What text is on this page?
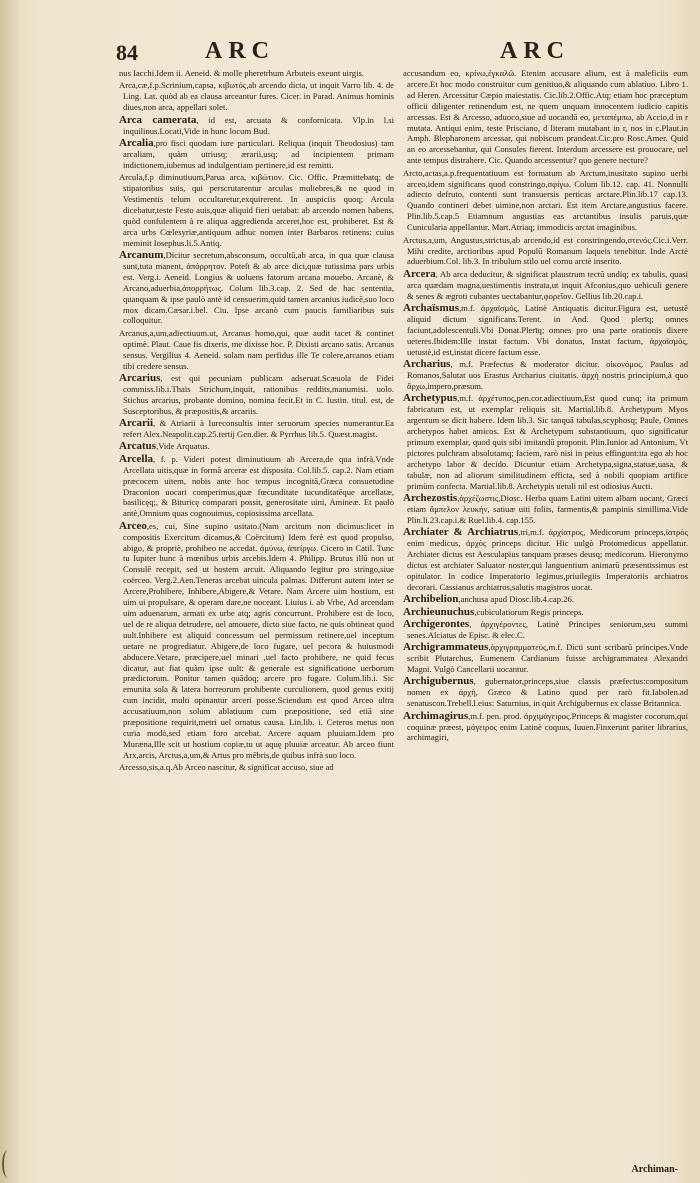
84	ARC	ARC
nus Iacchi.Idem ii. Aeneid. & molle pheretrhum Arbuteis exeunt uirgis.
Arca,cæ,f.p.Scrinium,capsa, κιβωτός,ab arcendo dicta, ut inquit Varro lib. 4. de Ling. Lat. quòd ab ea clausa arceantur fures. Cicer. in Parad. Animus hominis diues,non arca, appellari solet.
Arca camerata, id est, arcuata & confornicata. Vlp.in l.si inquilinus.Locati,Vide in hunc locum Bud.
Arcalia,pro fisci quodam iure particulari. Reliqua (inquit Theodosius) tam arcaliam, quàm utriusq; ærarii,usq; ad incipientem primam indictionem,iubemus ad indulgentiam pertinere,id est remitti.
Arcula,f.p diminutiuum,Parua arca, κιβώτιον. Cic. Offic. Præmittebatq; de stipatoribus suis, qui perscrutarentur arculas muliebres,& ne quod in Vestimentis telum occultaretur,exquirerent. In auspiciis quoq; Arcula dicebatur,teste Festo auis,quæ aliquid fieri uetabat: ab arcendo nomen habens, quòd confulentem à re aliqua aggredienda arceret,hoc est, prohiberet. Est & arca urbs Cœlesyriæ,antiquum adhuc nomen inter Barbaros retinens: cuius meminit Iosephus.li.5.Antiq.
Arcanum,Dicitur secretum,absconsum, occultū,ab arca, in qua quæ clausa sunt,tuta manent, ἀπόρρητον. Poteſt & ab arce dici,quæ tutissima pars urbis est. Verg.i. Aeneid. Longius & uoluens fatorum arcana mouebo. Arcanè, & Arcano,aduerbia,ἀπορρήτως. Colum lib.3.cap. 2. Sed de hac sententia, quanquam & ipse paulò antè id censuerim,quid tamen arcanius iudicē,suo loco mox dicam.Cæsar.i.bel. Ciu. Ipse arcanò cum paucis familiaribus suis colloquitur.
Arcanus,a,um,adiectiuum.ut, Arcanus homo,qui, quæ audit tacet & continet optimè. Plaut. Caue fis dixeris, me dixisse hoc. P. Dixisti arcano satis. Arcanus sensus. Vergilius 4. Aeneid. solam nam perfidus ille Te colere,arcanos etiam tibi credere sensus.
Arcarius, est qui pecuniam publicam adseruat.Scæuola de Fidei commiss.lib.i.Thais Strichum,inquit, rationibus reddits,manumisi. uolo. Stichus arcarius, probante domino, nomina fecit.Et in C. Iustin. titul. est, de Susceptoribus, & præpositis,& arcariis.
Arcarii, & Atriarii à Iureconsultis inter seruorum species numerantur.Ea refert Alex.Neapolit.cap.25.tertij Gen.dier. & Pyrrhus lib.5. Quæst.magist.
Arcatus,Vide Arquatus.
Arcella, f. p. Videri potest diminutiuum ab Arcera,de qua infrà.Vnde Arcellata uitis,quæ in formā arceræ est disposita. Col.lib.5. cap.2. Nam etiam præcocem uitem, nobis ante hoc tempus incognitā,Græca consuetudine Draconion uocari comperimus,quæ fœcunditate iucunditatēque arcellatæ, basilicęq;, & Bituricę comparari possit, generositate uini, Amineæ. Et paulò antè,Omnium quas cognouimus, copiosissima arcellata.
Arceo,es, cui, Sine supino usitato.(Nam arcitum non dicimus:licet in compositis Exercitum dicamus,& Coërcitum) Idem ferè est quod propulso, abigo, & propriè, prohibeo ne accedat. ἀμύνω, ἀπείργω. Cicero in Catil. Tunc tu Iupiter hunc à mœnibus urbis arcebis.Idem 4. Philipp. Brutus illū non ut Consulē recepit, sed ut hostem arcuit. Aliquando legitur pro stringo,siue coërceo. Verg.2.Aen.Teneras arcebat uincula palmas. Differunt autem inter se Arcere,Prohibere, Inhibere,Abigere,& Vetare. Nam Arcere uim hostium, est uim ui propulsare, & operam dare,ne noceant. Liuius i. ab Vrbe, Ad arcendam uim aduenarum, armati ex urbe atq; agris concurrunt. Prohibere est de loco, uel de re aliqua detrudere, uel amouere, dicto siue facto, ne quis obtineat quod uult.Inhibere est aliquid concessum uel permissum retinere,uel inceptum uetare ne progrediatur. Abigere,de loco fugare, uel pecora & huiusmodi abducere.Vetare, præcipere,uel minari ,uel facto prohibere, ne quid fecus dicatur, aut fiat quàm ipse uult: & generale est significatione uerborum prædictorum. Ponitur tamen quādoq; arcere pro fugare. Colum.lib.i. Sic emunita sola & latera horreorum prohibente curculionem, quod genus exitij cum incidit, multi opinantur arceri posse.Sciendum est quod Arceo ultra accusatiuum,non solum ablatiuum cum præpositione, sed etiā sine præpositione requirit,metri uel ornatus causa. Lin.lib. i. Ceteros metus non curia modò,sed etiam foro arcebat. Arcere aquam pluuiam.Idem pro Muræna,Ille scit ut hostium copiæ,tu ut aquę pluuiæ arceatur. Ab arceo fiunt Arx,arcis, Arctus,a,um,& Artus pro mēbris,de quibus infrà suo loco.
Arcesso,sis,a.q.Ab Arceo nascitur, & significat accuso, siue ad
accusandum eo, κρίνω,ἐγκαλῶ. Etenim accusare alium, est à maleficiis eum arcere.Et hoc modo construitur cum genitiuo,& aliquando cum ablatiuo. Libro 1. ad Heren. Arcessitur Cæpio maiestatis. Cic.lib.2.Offic.Atq; etiam hoc præceptum officii diligenter retinendum est, ne quem unquam innocentem iudicio capitis arcessas. Est & Arcesso, aduoco,siue ad uocandū eo, μεταπέμπω, ab Accio,d in r mutata. Antiqui enim, teste Prisciano, d literam mutabant in r, nos in c.Plaut.in Amph. Blepharonem arcessar, qui nobiscum prandeat.Cic.pro Rosc.Amer. Quid an eo arcessebantur, qui Consules fierent. Interdum arcessere est prouocare, uel ante tempus distrahere. Cic. Quando arcessentur? quo genere necture?
Arcto,actas,a.p.frequentatiuum est formatum ab Arctum,inusitato supino uerbi arceo,idem significans quod constringo,σφίγω. Colum lib.12. cap. 41. Nonnulli adiecto defruto, contenti sunt transuersis perticas arctare.Plin.lib.17 cap.13. Quando contineri debet uimine,non arctari. Est item Arctare,angustius facere. Plin.lib.5.cap.5 Etiamnum angustias eas arctantibus insulis paruis,quæ Cunicularia appellantur. Mart.Atriaq; immodicis arctat imaginibus.
Arctus,a,um, Angustus,strictus,ab arcendo,id est constringendo,στενός.Cic.i.Verr. Mihi credite, arctioribus apud Populū Romanum laqueis tenebitur. Inde Arctè aduerbium.Col. lib.3. In tribulum stilo uel cornu arctè inserito.
Arcera, Ab arca deducitur, & significat plaustrum tectū undiq; ex tabulis, quasi arca quædam magna,uestimentis instrata,ut inquit Afconius,quo uehiculi genere & senes & ægroti cubantes uectabantur,φορεῖον. Gellius lib.20.cap.i.
Archaïsmus,m.f. ἀρχαϊσμός, Latinè Antiquatis dicitur.Figura est, uetustē aliquid dictum significans.Terent. in And. Quod plerīq; omnes faciunt,adolescentuli.Vbi Donat.Plerīq; omnes pro una parte orationis dixere ueteres.Ibidem:Ille instat factum. Vbi donatus, Instat factum, ἀρχαϊσμὸς, uetustè,id est,instat dicere factum esse.
Archarius, m.f. Præfectus & moderator dicitur. οἰκονόμος. Paulus ad Romanos,Salutat uos Erastus Archarius ciuitatis. ἀρχὴ nostris principium,à quo ἄρχω,impero,præsum.
Archetypus,m.f. ἀρχέτυπος,pen.cor.adiectiuum,Est quod cunq; ita primum fabricatum est, ut exemplar reliquis sit. Martial.lib.8. Archetypum Myos argentum se dicit habere. Idem lib.3. Sic tanquā tabulas,scyphosq; Paule, Omnes archetypos habet amicos. Est & Archetypum substantiuum, quo significatur primum exemplar, quod quis sibi imitandū proponit. Plin.Iunior ad Antonium, Vt pictores pulchram absolutamq; faciem, rarò nisi in peius effingunt:ita ego ab hoc archetypo labor & decido. Dicuntur etiam Archetypa,signa,statuæ,uasa, & tabulæ, non ad aliorum similitudinem efficta, sed à nobili quopiam artifice primùm confecta. Martial.lib.8. Archetypis uetuli nil est odiosius Aucti.
Archezostis,ἀρχέζωστις,Diosc. Herba quam Latini uitem albam uocant, Græci etiam ἄμπελον λευκήν, satiuæ uiti foliis, farmentis,& pampinis simillima.Vide Plin.li.23.cap.i.& Ruel.lib.4. cap.155.
Archiater & Archiatrus,tri,m.f. ἀρχίατρος, Medicorum princeps,ἰατρὸς enim medicus, ἀρχὸς princeps dicitur. Hic uulgò Protomedicus appellatur. Archiater dictus est Aesculapius tanquam præses deusq; medicorum. Hieronymo dictus est archiater Saluator noster,qui languentium animarū præsentissimus est opitulator. In codice Imperatorio legimus,priuilegiis Imperatoriis archiatros decorari. Cassianus archiatros,salutis magistros uocat.
Archibelion,anchusa apud Diosc.lib.4.cap.26.
Archieunuchus,cubiculatiorum Regis princeps.
Archigerontes, ἀρχιγέροντες, Latinè Principes seniorum,seu summi senes.Alciatus de Episc. & elec.C.
Archigrammateus,ἀρχιγραμματεύς,m.f. Dicti sunt scribarū principes.Vnde scribit Plutarchus, Eumenem Cardianum fuisse archigrammatea Alexandri Magni. Vulgò Cancellarii uocantur.
Archigubernus, gubernator,princeps,siue classis præfectus:compositum nomen ex ἀρχὴ, Græco & Latino quod per rarò fit.Iabolen.ad senatuscon.Trebell.l.eius: Saturnius, in quit Archigubernus ex classe Britannica.
Archimagirus,m.f. pen. prod. ἀρχιμάγειρος.Princeps & magister cocorum,qui coquinæ præest, μάγειρος enim Latinè coquus, Iuuen.Finxerunt pariter librarius, archimagiri,
Archiman-
